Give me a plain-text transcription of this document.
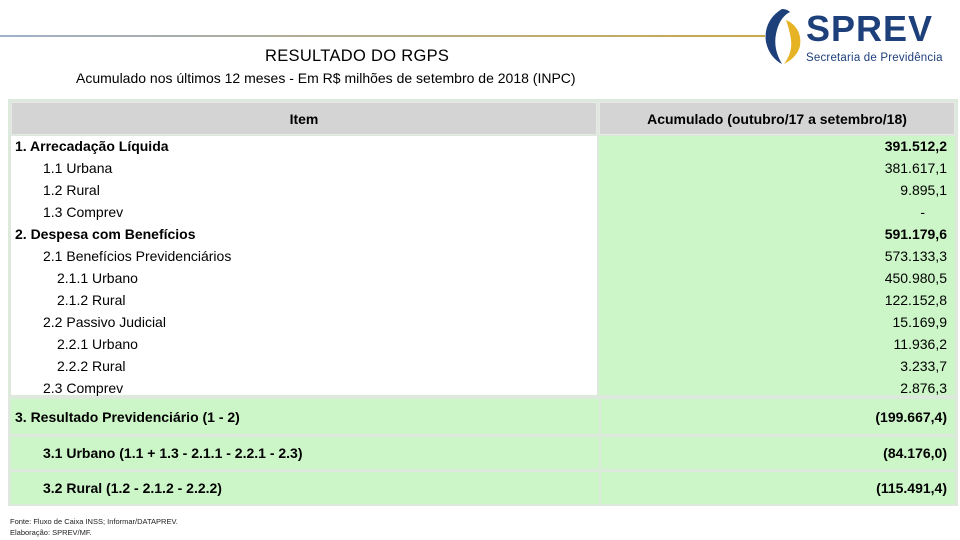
SPREV
Secretaria de Previdência
RESULTADO DO RGPS
Acumulado nos últimos 12 meses - Em R$ milhões de setembro de 2018 (INPC)
Item	Acumulado (outubro/17 a setembro/18)
1. Arrecadação Líquida	391.512,2
1.1 Urbana	381.617,1
1.2 Rural	9.895,1
1.3 Comprev	-
2. Despesa com Benefícios	591.179,6
2.1 Benefícios Previdenciários	573.133,3
2.1.1 Urbano	450.980,5
2.1.2 Rural	122.152,8
2.2 Passivo Judicial	15.169,9
2.2.1 Urbano	11.936,2
2.2.2 Rural	3.233,7
2.3 Comprev	2.876,3
3. Resultado Previdenciário (1 - 2)	(199.667,4)
3.1 Urbano (1.1 + 1.3 - 2.1.1 - 2.2.1 - 2.3)	(84.176,0)
3.2 Rural (1.2 - 2.1.2 - 2.2.2)	(115.491,4)
Fonte: Fluxo de Caixa INSS; Informar/DATAPREV.
Elaboração: SPREV/MF.
